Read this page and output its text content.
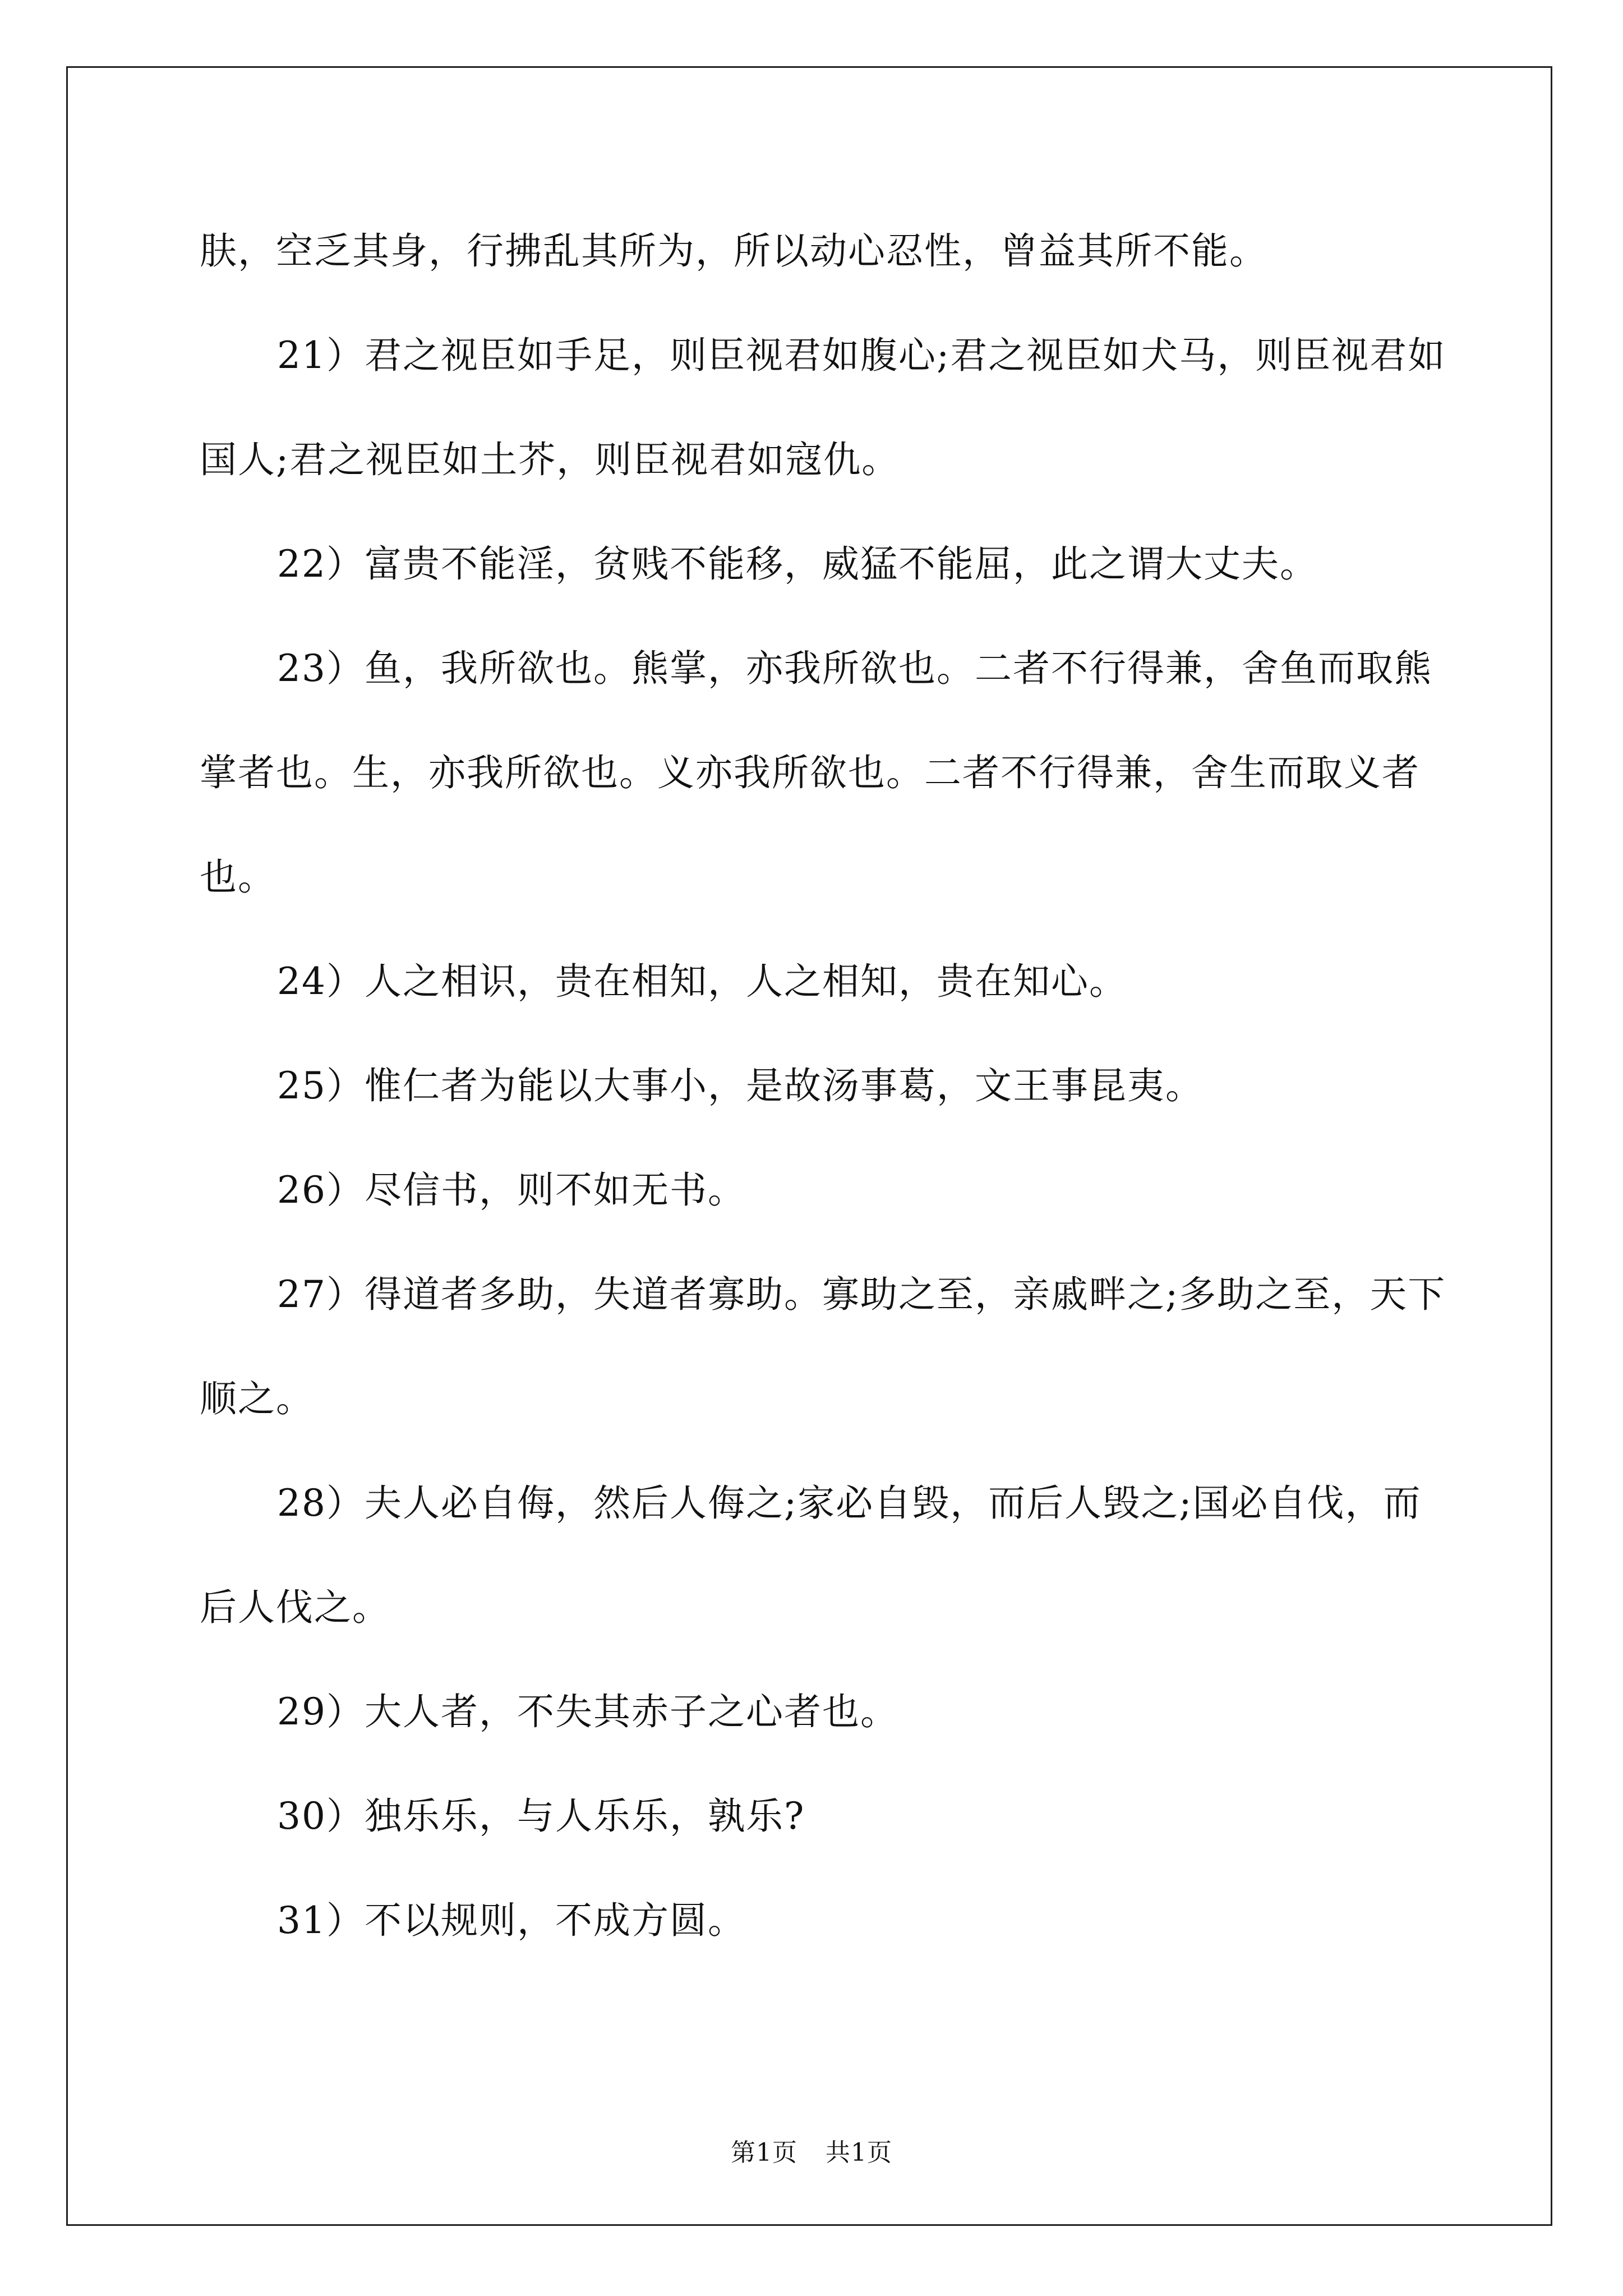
肤，空乏其身，行拂乱其所为，所以动心忍性，曾益其所不能。

21）君之视臣如手足，则臣视君如腹心;君之视臣如犬马，则臣视君如国人;君之视臣如土芥，则臣视君如寇仇。

22）富贵不能淫，贫贱不能移，威猛不能屈，此之谓大丈夫。

23）鱼，我所欲也。熊掌，亦我所欲也。二者不行得兼，舍鱼而取熊掌者也。生，亦我所欲也。义亦我所欲也。二者不行得兼，舍生而取义者也。

24）人之相识，贵在相知，人之相知，贵在知心。

25）惟仁者为能以大事小，是故汤事葛，文王事昆夷。

26）尽信书，则不如无书。

27）得道者多助，失道者寡助。寡助之至，亲戚畔之;多助之至，天下顺之。

28）夫人必自侮，然后人侮之;家必自毁，而后人毁之;国必自伐，而后人伐之。

29）大人者，不失其赤子之心者也。

30）独乐乐，与人乐乐，孰乐?

31）不以规则，不成方圆。

第1页 共1页
